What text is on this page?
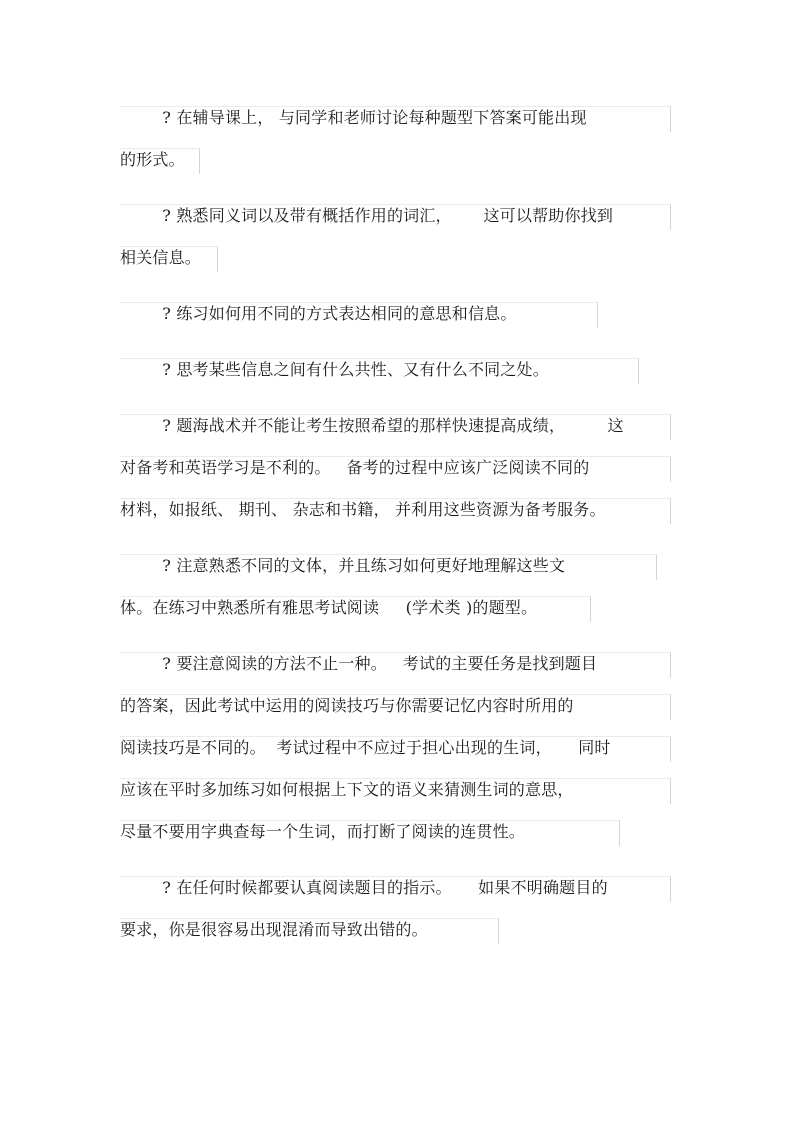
? 在辅导课上， 与同学和老师讨论每种题型下答案可能出现
的形式。
? 熟悉同义词以及带有概括作用的词汇，      这可以帮助你找到
相关信息。
? 练习如何用不同的方式表达相同的意思和信息。
? 思考某些信息之间有什么共性、又有什么不同之处。
? 题海战术并不能让考生按照希望的那样快速提高成绩，        这
对备考和英语学习是不利的。   备考的过程中应该广泛阅读不同的
材料，如报纸、 期刊、 杂志和书籍， 并利用这些资源为备考服务。
? 注意熟悉不同的文体，并且练习如何更好地理解这些文
体。在练习中熟悉所有雅思考试阅读     (学术类 )的题型。
? 要注意阅读的方法不止一种。   考试的主要任务是找到题目
的答案，因此考试中运用的阅读技巧与你需要记忆内容时所用的
阅读技巧是不同的。  考试过程中不应过于担心出现的生词，     同时
应该在平时多加练习如何根据上下文的语义来猜测生词的意思，
尽量不要用字典查每一个生词，而打断了阅读的连贯性。
? 在任何时候都要认真阅读题目的指示。     如果不明确题目的
要求，你是很容易出现混淆而导致出错的。
